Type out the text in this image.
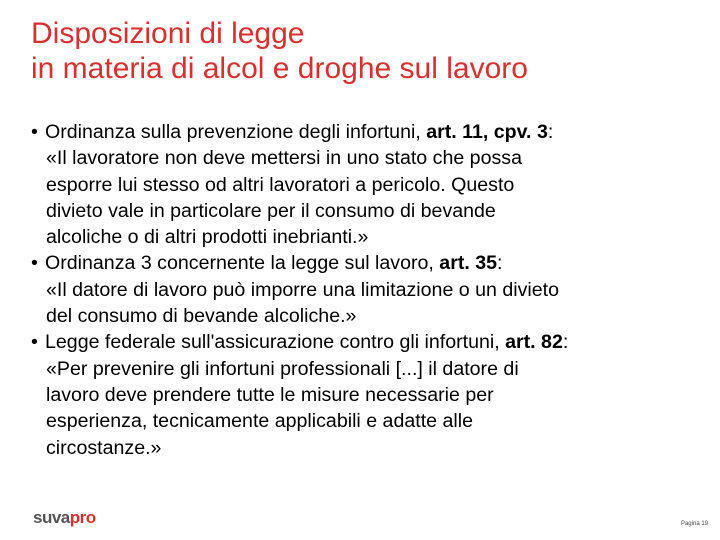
Disposizioni di legge
in materia di alcol e droghe sul lavoro
• Ordinanza sulla prevenzione degli infortuni, art. 11, cpv. 3:
«Il lavoratore non deve mettersi in uno stato che possa
esporre lui stesso od altri lavoratori a pericolo. Questo
divieto vale in particolare per il consumo di bevande
alcoliche o di altri prodotti inebrianti.»
• Ordinanza 3 concernente la legge sul lavoro, art. 35:
«Il datore di lavoro può imporre una limitazione o un divieto
del consumo di bevande alcoliche.»
• Legge federale sull'assicurazione contro gli infortuni, art. 82:
«Per prevenire gli infortuni professionali [...] il datore di
lavoro deve prendere tutte le misure necessarie per
esperienza, tecnicamente applicabili e adatte alle
circostanze.»
suvapro	Pagina 19
